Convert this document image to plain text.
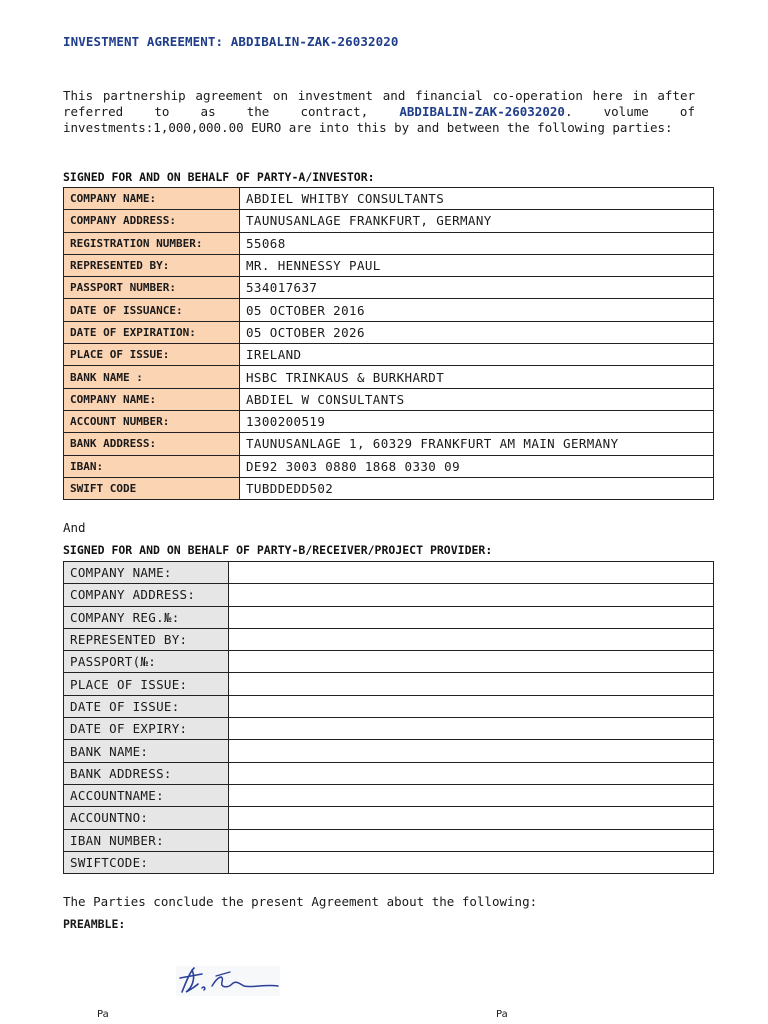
INVESTMENT AGREEMENT: ABDIBALIN-ZAK-26032020
This partnership agreement on investment and financial co-operation here in after referred to as the contract, ABDIBALIN-ZAK-26032020. volume of investments:1,000,000.00 EURO are into this by and between the following parties:
SIGNED FOR AND ON BEHALF OF PARTY-A/INVESTOR:
COMPANY NAME:	ABDIEL WHITBY CONSULTANTS
COMPANY ADDRESS:	TAUNUSANLAGE FRANKFURT, GERMANY
REGISTRATION NUMBER:	55068
REPRESENTED BY:	MR. HENNESSY PAUL
PASSPORT NUMBER:	534017637
DATE OF ISSUANCE:	05 OCTOBER 2016
DATE OF EXPIRATION:	05 OCTOBER 2026
PLACE OF ISSUE:	IRELAND
BANK NAME :	HSBC TRINKAUS & BURKHARDT
COMPANY NAME:	ABDIEL W CONSULTANTS
ACCOUNT NUMBER:	1300200519
BANK ADDRESS:	TAUNUSANLAGE 1, 60329 FRANKFURT AM MAIN GERMANY
IBAN:	DE92 3003 0880 1868 0330 09
SWIFT CODE	TUBDDEDD502
And
SIGNED FOR AND ON BEHALF OF PARTY-B/RECEIVER/PROJECT PROVIDER:
COMPANY NAME:	
COMPANY ADDRESS:	
COMPANY REG.№:	
REPRESENTED BY:	
PASSPORT(№:	
PLACE OF ISSUE:	
DATE OF ISSUE:	
DATE OF EXPIRY:	
BANK NAME:	
BANK ADDRESS:	
ACCOUNTNAME:	
ACCOUNTNO:	
IBAN NUMBER:	
SWIFTCODE:	
The Parties conclude the present Agreement about the following:
PREAMBLE:
Pa	Pa
